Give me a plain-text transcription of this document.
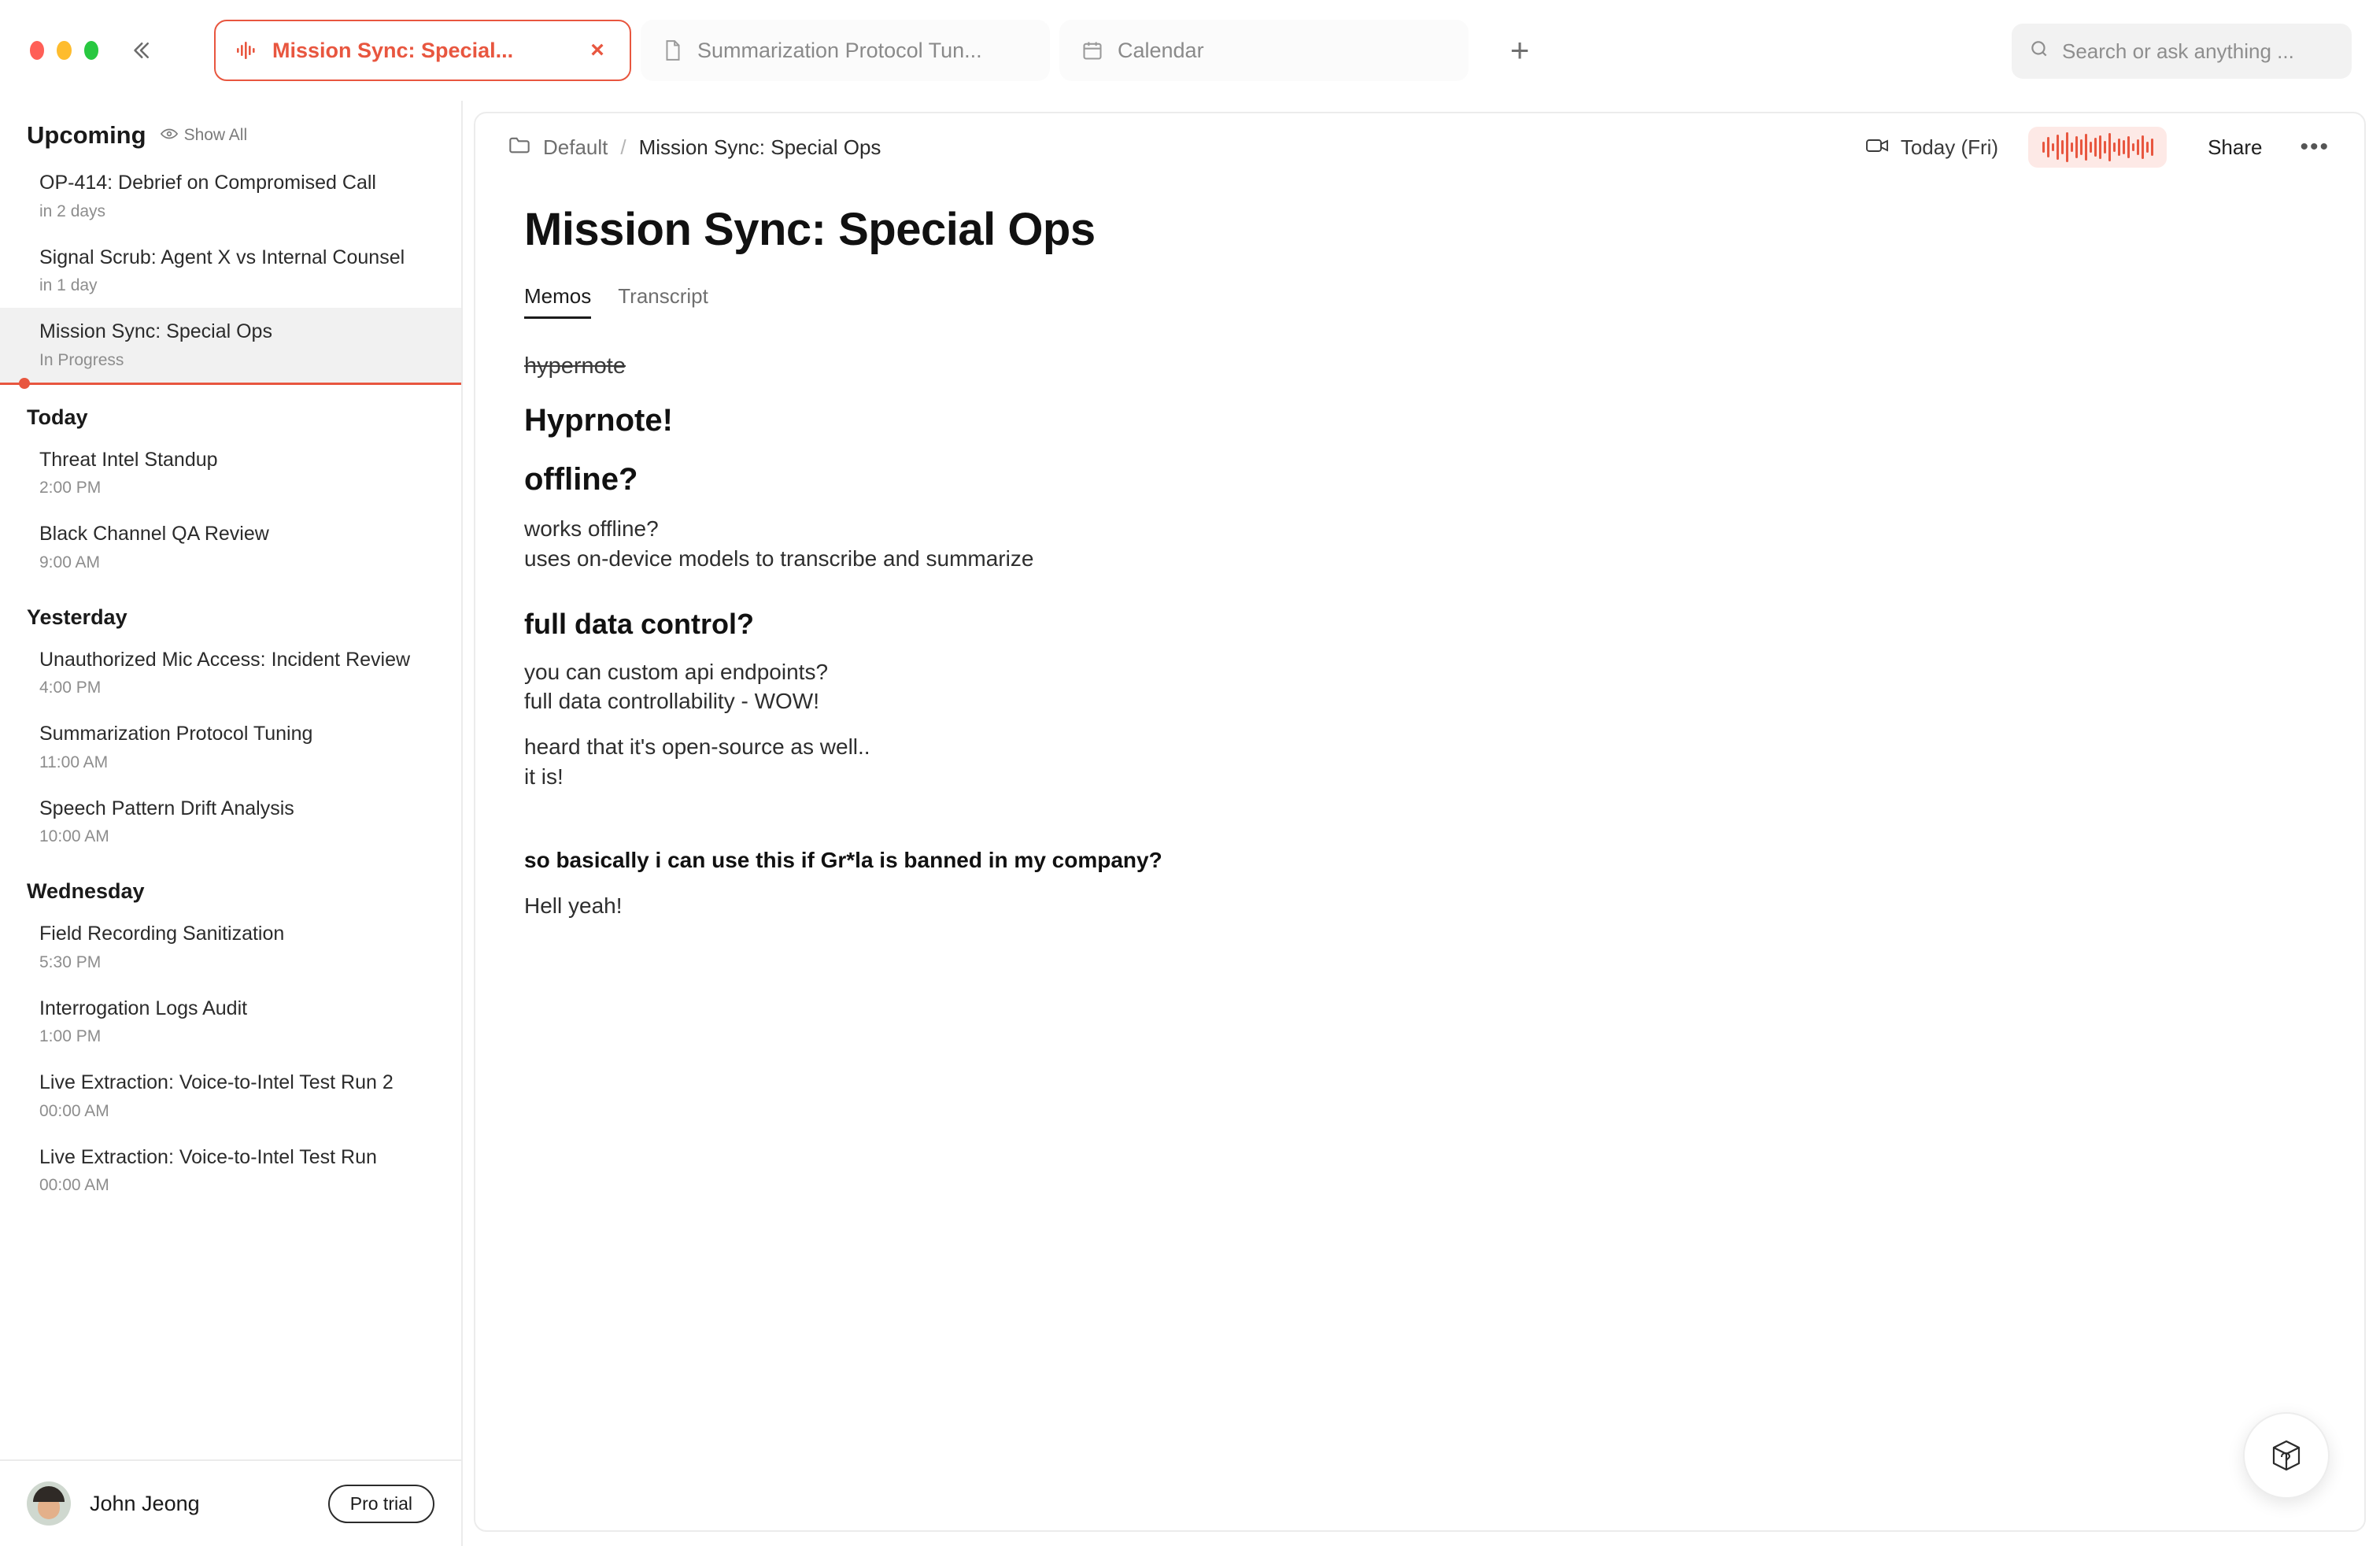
Mission Sync: Special...	×	Summarization Protocol Tun...	Calendar	+	Search or ask anything ...
Upcoming Show All
OP-414: Debrief on Compromised Call
in 2 days
Signal Scrub: Agent X vs Internal Counsel
in 1 day
Mission Sync: Special Ops
In Progress
Today
Threat Intel Standup
2:00 PM
Black Channel QA Review
9:00 AM
Yesterday
Unauthorized Mic Access: Incident Review
4:00 PM
Summarization Protocol Tuning
11:00 AM
Speech Pattern Drift Analysis
10:00 AM
Wednesday
Field Recording Sanitization
5:30 PM
Interrogation Logs Audit
1:00 PM
Live Extraction: Voice-to-Intel Test Run 2
00:00 AM
Live Extraction: Voice-to-Intel Test Run
00:00 AM
John Jeong	Pro trial
Default / Mission Sync: Special Ops	Today (Fri)	Share	•••
Mission Sync: Special Ops
Memos Transcript
hypernote
Hyprnote!
offline?
works offline?
uses on-device models to transcribe and summarize
full data control?
you can custom api endpoints?
full data controllability - WOW!
heard that it's open-source as well..
it is!
so basically i can use this if Gr*la is banned in my company?
Hell yeah!
